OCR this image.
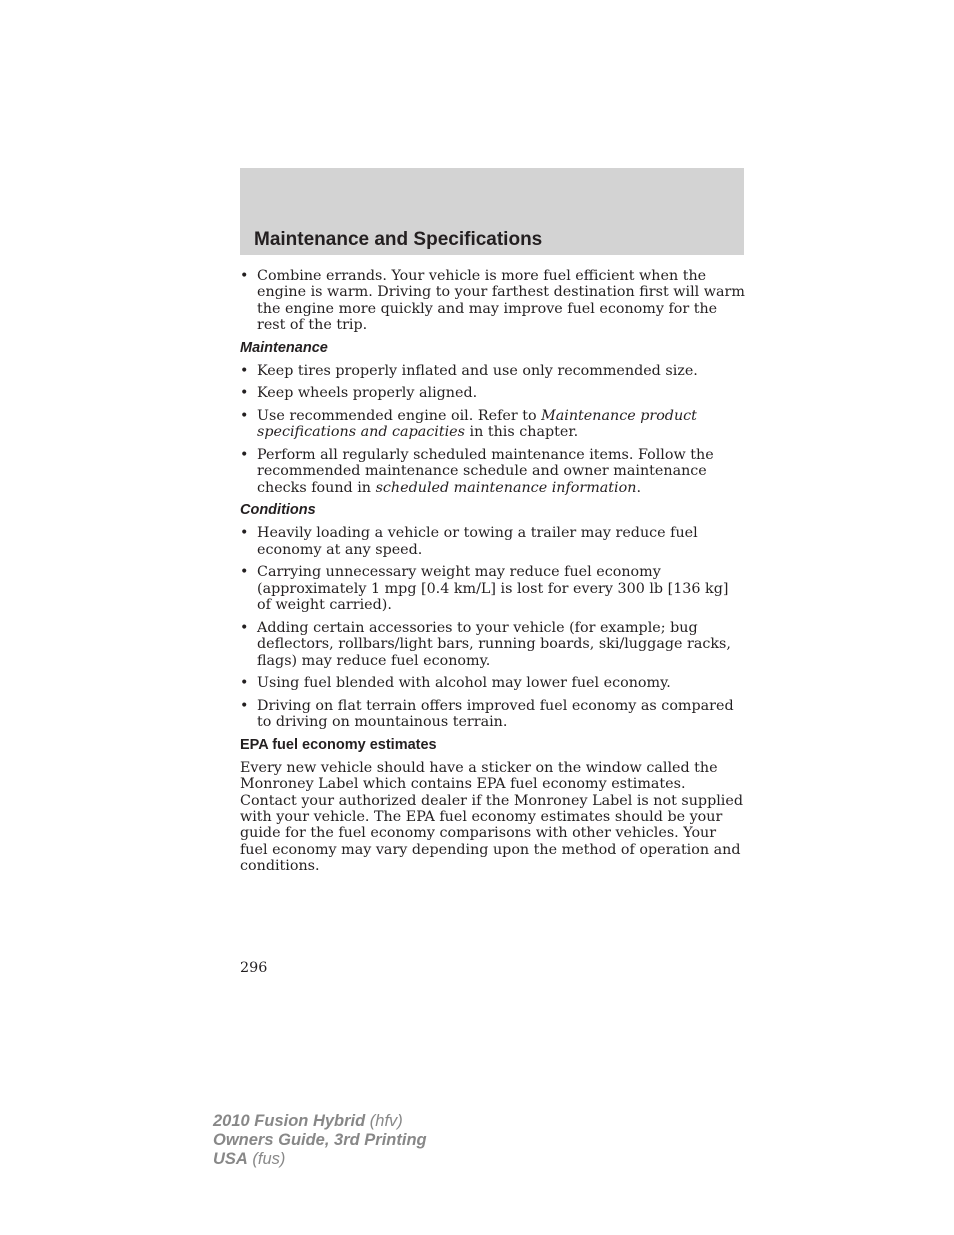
Maintenance and Specifications
• Combine errands. Your vehicle is more fuel efficient when the engine is warm. Driving to your farthest destination first will warm the engine more quickly and may improve fuel economy for the rest of the trip.
Maintenance
• Keep tires properly inflated and use only recommended size.
• Keep wheels properly aligned.
• Use recommended engine oil. Refer to Maintenance product specifications and capacities in this chapter.
• Perform all regularly scheduled maintenance items. Follow the recommended maintenance schedule and owner maintenance checks found in scheduled maintenance information.
Conditions
• Heavily loading a vehicle or towing a trailer may reduce fuel economy at any speed.
• Carrying unnecessary weight may reduce fuel economy (approximately 1 mpg [0.4 km/L] is lost for every 300 lb [136 kg] of weight carried).
• Adding certain accessories to your vehicle (for example; bug deflectors, rollbars/light bars, running boards, ski/luggage racks, flags) may reduce fuel economy.
• Using fuel blended with alcohol may lower fuel economy.
• Driving on flat terrain offers improved fuel economy as compared to driving on mountainous terrain.
EPA fuel economy estimates

Every new vehicle should have a sticker on the window called the Monroney Label which contains EPA fuel economy estimates. Contact your authorized dealer if the Monroney Label is not supplied with your vehicle. The EPA fuel economy estimates should be your guide for the fuel economy comparisons with other vehicles. Your fuel economy may vary depending upon the method of operation and conditions.

296
2010 Fusion Hybrid (hfv)
Owners Guide, 3rd Printing
USA (fus)
